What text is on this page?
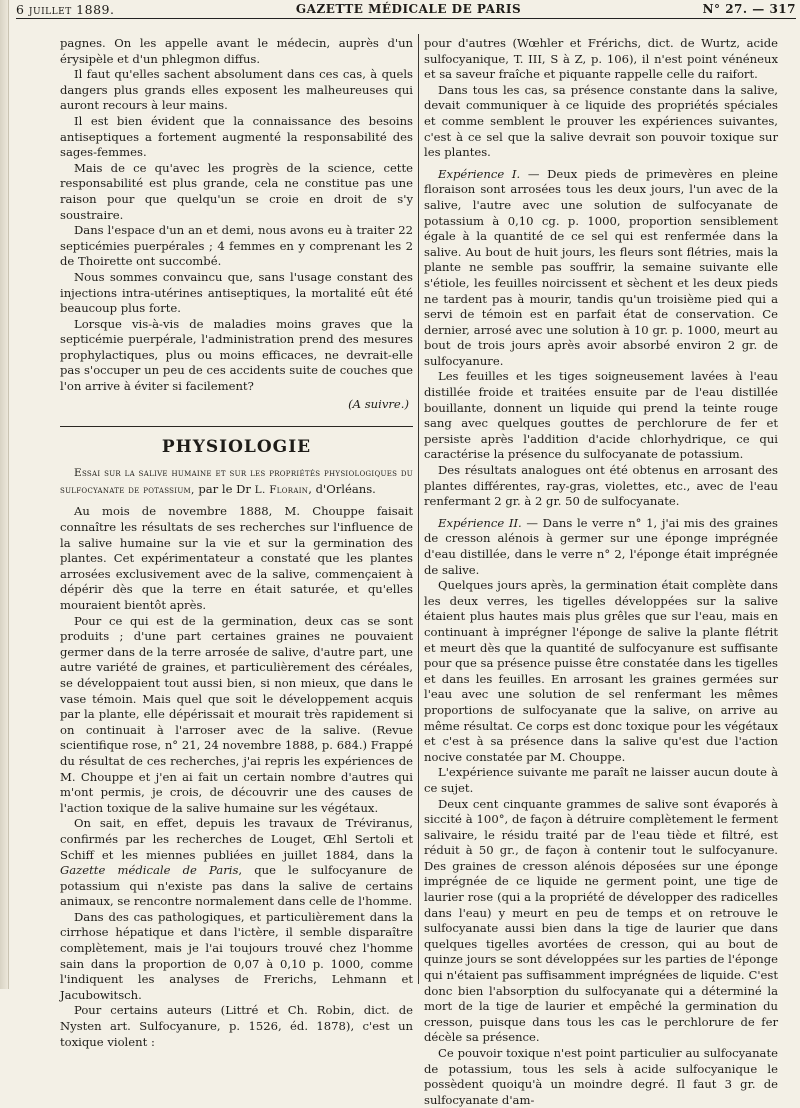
6 juillet 1889.	GAZETTE MÉDICALE DE PARIS	N° 27. — 317

pagnes. On les appelle avant le médecin, auprès d'un érysipèle et d'un phlegmon diffus.

Il faut qu'elles sachent absolument dans ces cas, à quels dangers plus grands elles exposent les malheureuses qui auront recours à leur mains.

Il est bien évident que la connaissance des besoins antiseptiques a fortement augmenté la responsabilité des sages-femmes.

Mais de ce qu'avec les progrès de la science, cette responsabilité est plus grande, cela ne constitue pas une raison pour que quelqu'un se croie en droit de s'y soustraire.

Dans l'espace d'un an et demi, nous avons eu à traiter 22 septicémies puerpérales ; 4 femmes en y comprenant les 2 de Thoirette ont succombé.

Nous sommes convaincu que, sans l'usage constant des injections intra-utérines antiseptiques, la mortalité eût été beaucoup plus forte.

Lorsque vis-à-vis de maladies moins graves que la septicémie puerpérale, l'administration prend des mesures prophylactiques, plus ou moins efficaces, ne devrait-elle pas s'occuper un peu de ces accidents suite de couches que l'on arrive à éviter si facilement?

(A suivre.)
PHYSIOLOGIE

Essai sur la salive humaine et sur les propriétés physiologiques du sulfocyanate de potassium, par le Dr L. Florain, d'Orléans.

Au mois de novembre 1888, M. Chouppe faisait connaître les résultats de ses recherches sur l'influence de la salive humaine sur la vie et sur la germination des plantes. Cet expérimentateur a constaté que les plantes arrosées exclusivement avec de la salive, commençaient à dépérir dès que la terre en était saturée, et qu'elles mouraient bientôt après.

Pour ce qui est de la germination, deux cas se sont produits ; d'une part certaines graines ne pouvaient germer dans de la terre arrosée de salive, d'autre part, une autre variété de graines, et particulièrement des céréales, se développaient tout aussi bien, si non mieux, que dans le vase témoin. Mais quel que soit le développement acquis par la plante, elle dépérissait et mourait très rapidement si on continuait à l'arroser avec de la salive. (Revue scientifique rose, n° 21, 24 novembre 1888, p. 684.) Frappé du résultat de ces recherches, j'ai repris les expériences de M. Chouppe et j'en ai fait un certain nombre d'autres qui m'ont permis, je crois, de découvrir une des causes de l'action toxique de la salive humaine sur les végétaux.

On sait, en effet, depuis les travaux de Tréviranus, confirmés par les recherches de Louget, Œhl Sertoli et Schiff et les miennes publiées en juillet 1884, dans la Gazette médicale de Paris, que le sulfocyanure de potassium qui n'existe pas dans la salive de certains animaux, se rencontre normalement dans celle de l'homme.

Dans des cas pathologiques, et particulièrement dans la cirrhose hépatique et dans l'ictère, il semble disparaître complètement, mais je l'ai toujours trouvé chez l'homme sain dans la proportion de 0,07 à 0,10 p. 1000, comme l'indiquent les analyses de Frerichs, Lehmann et Jacubowitsch.

Pour certains auteurs (Littré et Ch. Robin, dict. de Nysten art. Sulfocyanure, p. 1526, éd. 1878), c'est un toxique violent :

pour d'autres (Wœhler et Frérichs, dict. de Wurtz, acide sulfocyanique, T. III, S à Z, p. 106), il n'est point vénéneux et sa saveur fraîche et piquante rappelle celle du raifort.

Dans tous les cas, sa présence constante dans la salive, devait communiquer à ce liquide des propriétés spéciales et comme semblent le prouver les expériences suivantes, c'est à ce sel que la salive devrait son pouvoir toxique sur les plantes.

Expérience I. — Deux pieds de primevères en pleine floraison sont arrosées tous les deux jours, l'un avec de la salive, l'autre avec une solution de sulfocyanate de potassium à 0,10 cg. p. 1000, proportion sensiblement égale à la quantité de ce sel qui est renfermée dans la salive. Au bout de huit jours, les fleurs sont flétries, mais la plante ne semble pas souffrir, la semaine suivante elle s'étiole, les feuilles noircissent et sèchent et les deux pieds ne tardent pas à mourir, tandis qu'un troisième pied qui a servi de témoin est en parfait état de conservation. Ce dernier, arrosé avec une solution à 10 gr. p. 1000, meurt au bout de trois jours après avoir absorbé environ 2 gr. de sulfocyanure.

Les feuilles et les tiges soigneusement lavées à l'eau distillée froide et traitées ensuite par de l'eau distillée bouillante, donnent un liquide qui prend la teinte rouge sang avec quelques gouttes de perchlorure de fer et persiste après l'addition d'acide chlorhydrique, ce qui caractérise la présence du sulfocyanate de potassium.

Des résultats analogues ont été obtenus en arrosant des plantes différentes, ray-gras, violettes, etc., avec de l'eau renfermant 2 gr. à 2 gr. 50 de sulfocyanate.

Expérience II. — Dans le verre n° 1, j'ai mis des graines de cresson alénois à germer sur une éponge imprégnée d'eau distillée, dans le verre n° 2, l'éponge était imprégnée de salive.

Quelques jours après, la germination était complète dans les deux verres, les tigelles développées sur la salive étaient plus hautes mais plus grêles que sur l'eau, mais en continuant à imprégner l'éponge de salive la plante flétrit et meurt dès que la quantité de sulfocyanure est suffisante pour que sa présence puisse être constatée dans les tigelles et dans les feuilles. En arrosant les graines germées sur l'eau avec une solution de sel renfermant les mêmes proportions de sulfocyanate que la salive, on arrive au même résultat. Ce corps est donc toxique pour les végétaux et c'est à sa présence dans la salive qu'est due l'action nocive constatée par M. Chouppe.

L'expérience suivante me paraît ne laisser aucun doute à ce sujet.

Deux cent cinquante grammes de salive sont évaporés à siccité à 100°, de façon à détruire complètement le ferment salivaire, le résidu traité par de l'eau tiède et filtré, est réduit à 50 gr., de façon à contenir tout le sulfocyanure. Des graines de cresson alénois déposées sur une éponge imprégnée de ce liquide ne germent point, une tige de laurier rose (qui a la propriété de développer des radicelles dans l'eau) y meurt en peu de temps et on retrouve le sulfocyanate aussi bien dans la tige de laurier que dans quelques tigelles avortées de cresson, qui au bout de quinze jours se sont développées sur les parties de l'éponge qui n'étaient pas suffisamment imprégnées de liquide. C'est donc bien l'absorption du sulfocyanate qui a déterminé la mort de la tige de laurier et empêché la germination du cresson, puisque dans tous les cas le perchlorure de fer décèle sa présence.

Ce pouvoir toxique n'est point particulier au sulfocyanate de potassium, tous les sels à acide sulfocyanique le possèdent quoiqu'à un moindre degré. Il faut 3 gr. de sulfocyanate d'am-
